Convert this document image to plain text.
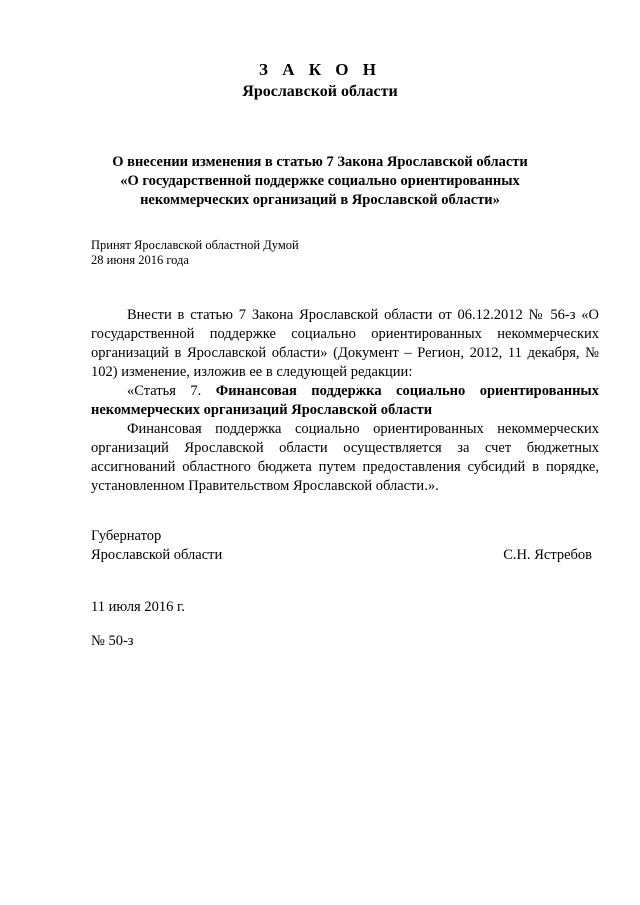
З А К О Н
Ярославской области
О внесении изменения в статью 7 Закона Ярославской области
«О государственной поддержке социально ориентированных
некоммерческих организаций в Ярославской области»
Принят Ярославской областной Думой
28 июня 2016 года

Внести в статью 7 Закона Ярославской области от 06.12.2012 № 56-з «О государственной поддержке социально ориентированных некоммерческих организаций в Ярославской области» (Документ – Регион, 2012, 11 декабря, № 102) изменение, изложив ее в следующей редакции:

«Статья 7. Финансовая поддержка социально ориентированных некоммерческих организаций Ярославской области

Финансовая поддержка социально ориентированных некоммерческих организаций Ярославской области осуществляется за счет бюджетных ассигнований областного бюджета путем предоставления субсидий в порядке, установленном Правительством Ярославской области.».

Губернатор
Ярославской области	С.Н. Ястребов
11 июля 2016 г.
№ 50-з
